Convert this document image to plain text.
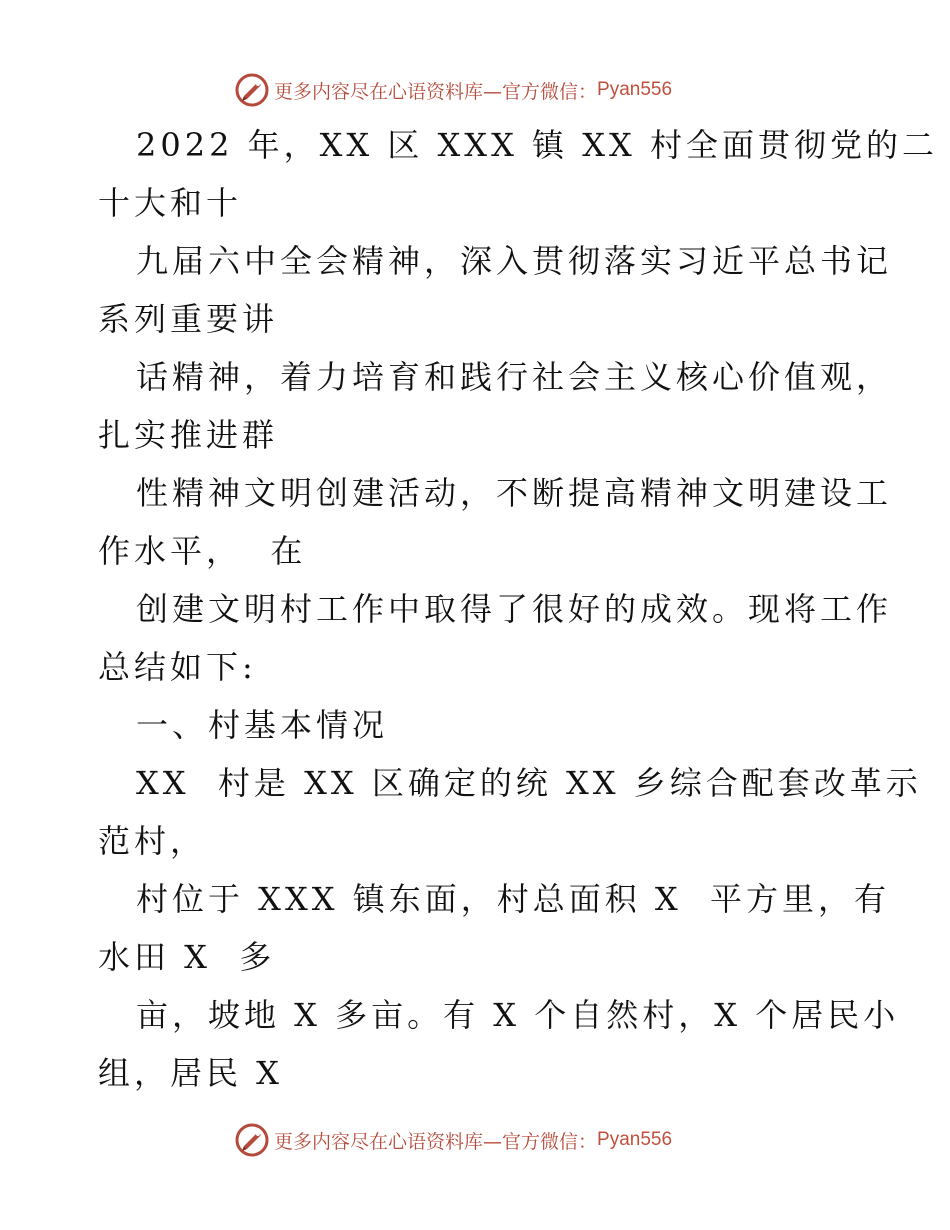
更多内容尽在心语资料库—官方微信： Pyan556
2022 年，XX 区 XXX 镇 XX 村全面贯彻党的二
十大和十
九届六中全会精神，深入贯彻落实习近平总书记
系列重要讲
话精神，着力培育和践行社会主义核心价值观，
扎实推进群
性精神文明创建活动，不断提高精神文明建设工
作水平，  在
创建文明村工作中取得了很好的成效。现将工作
总结如下:
一、村基本情况
XX  村是 XX 区确定的统 XX 乡综合配套改革示
范村，
村位于 XXX 镇东面，村总面积 X  平方里，有
水田 X  多
亩，坡地 X 多亩。有 X 个自然村，X 个居民小
组，居民 X
更多内容尽在心语资料库—官方微信： Pyan556
